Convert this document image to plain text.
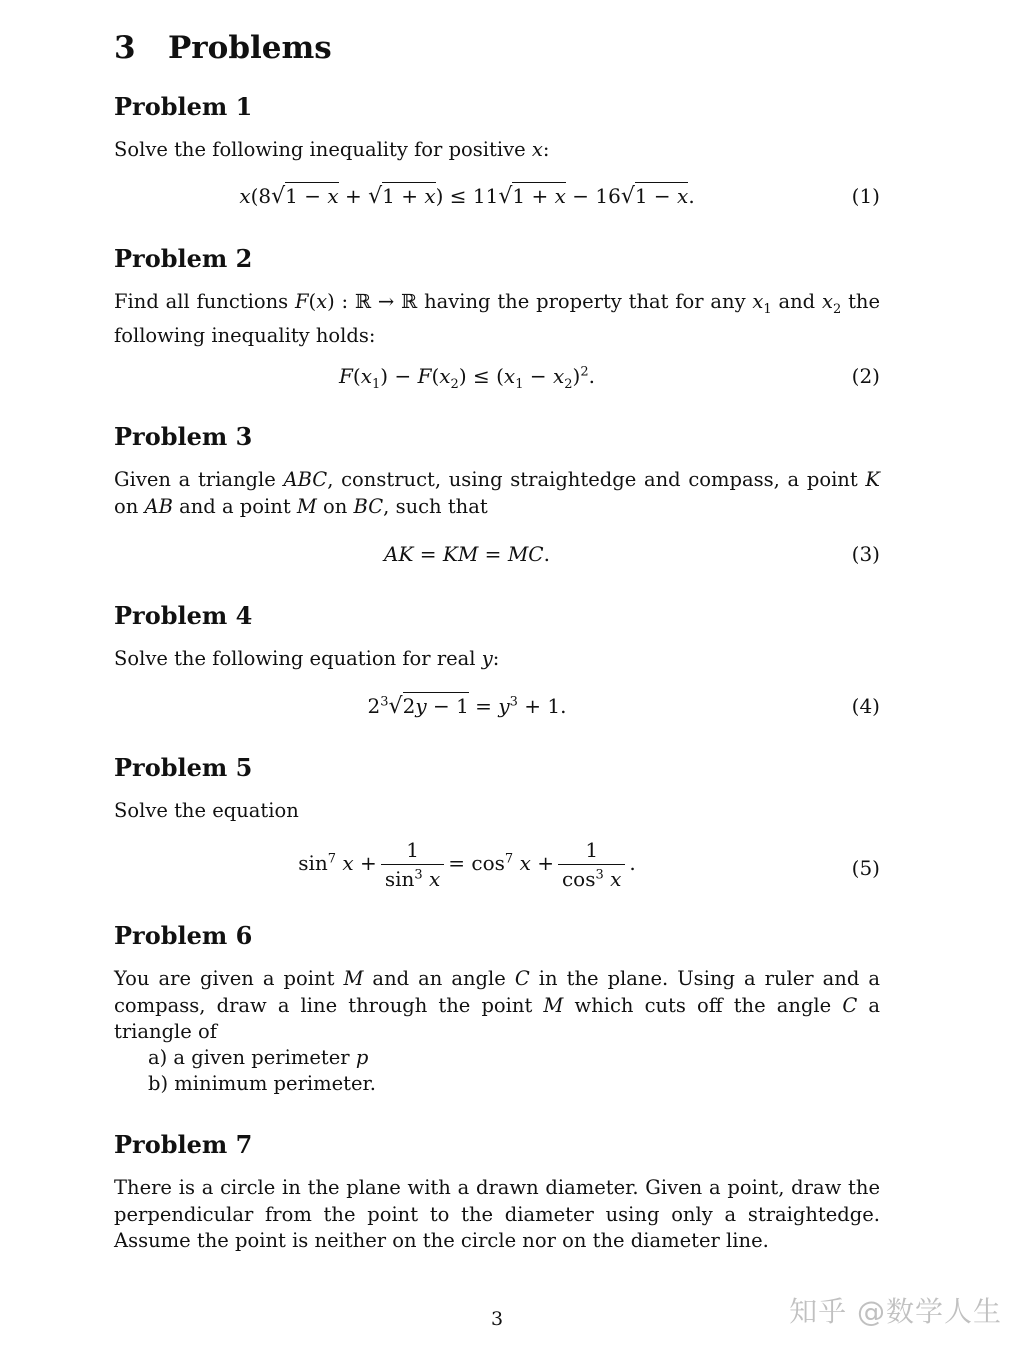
3 Problems
Problem 1

Solve the following inequality for positive x:

x(8√1 − x + √1 + x) ≤ 11√1 + x − 16√1 − x.	(1)
Problem 2

Find all functions F(x) : ℝ → ℝ having the property that for any $x_1$ and $x_2$ the following inequality holds:

$F(x_1) - F(x_2) \le (x_1 - x_2)^2$.	(2)
Problem 3

Given a triangle ABC, construct, using straightedge and compass, a point K on AB and a point M on BC, such that

AK = KM = MC.	(3)
Problem 4

Solve the following equation for real y:

$2^3√2y - 1 = y^3 + 1$.	(4)
Problem 5

Solve the equation

$\sin^7 x + \frac{1}{\sin^3 x} = \cos^7 x + \frac{1}{\cos^3 x}$ .	(5)
Problem 6

You are given a point M and an angle C in the plane. Using a ruler and a compass, draw a line through the point M which cuts off the angle C a triangle of

a) a given perimeter p
b) minimum perimeter.
Problem 7

There is a circle in the plane with a drawn diameter. Given a point, draw the perpendicular from the point to the diameter using only a straightedge. Assume the point is neither on the circle nor on the diameter line.

3	知乎 @数学人生
